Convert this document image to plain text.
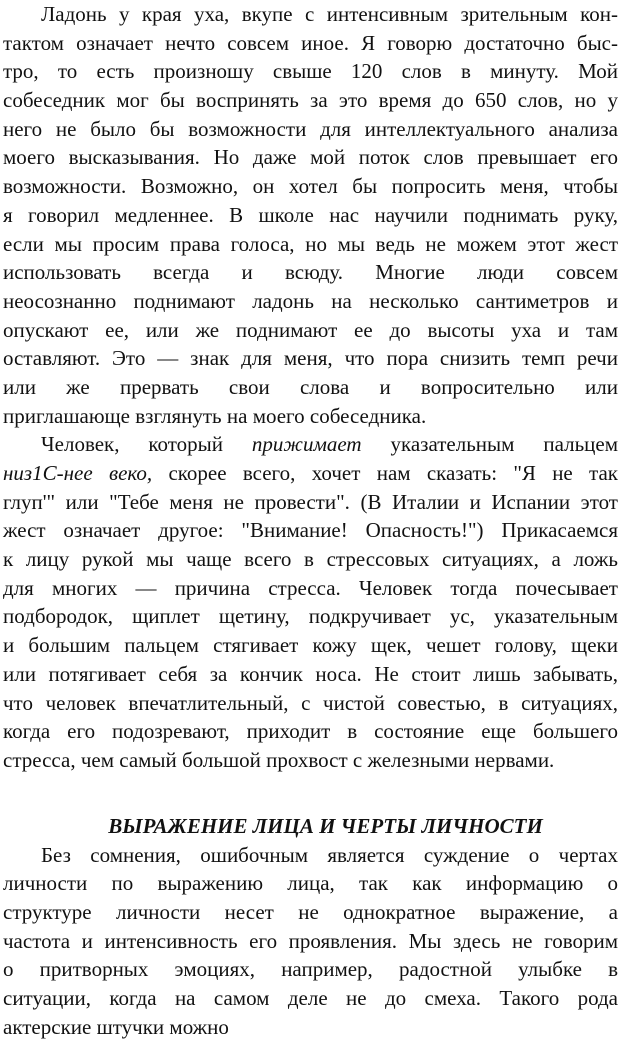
Ладонь у края уха, вкупе с интенсивным зрительным кон-
тактом означает нечто совсем иное. Я говорю достаточно быс-
тро, то есть произношу свыше 120 слов в минуту. Мой
собеседник мог бы воспринять за это время до 650 слов, но у
него не было бы возможности для интеллектуального анализа
моего высказывания. Но даже мой поток слов превышает его
возможности. Возможно, он хотел бы попросить меня, чтобы
я говорил медленнее. В школе нас научили поднимать руку,
если мы просим права голоса, но мы ведь не можем этот жест
использовать всегда и всюду. Многие люди совсем
неосознанно поднимают ладонь на несколько сантиметров и
опускают ее, или же поднимают ее до высоты уха и там
оставляют. Это — знак для меня, что пора снизить темп речи
или же прервать свои слова и вопросительно или
приглашающе взглянуть на моего собеседника.
Человек, который прижимает указательным пальцем
низ1С-нее веко, скорее всего, хочет нам сказать: "Я не так
глуп'" или "Тебе меня не провести". (В Италии и Испании этот
жест означает другое: "Внимание! Опасность!") Прикасаемся
к лицу рукой мы чаще всего в стрессовых ситуациях, а ложь
для многих — причина стресса. Человек тогда почесывает
подбородок, щиплет щетину, подкручивает ус, указательным
и большим пальцем стягивает кожу щек, чешет голову, щеки
или потягивает себя за кончик носа. Не стоит лишь забывать,
что человек впечатлительный, с чистой совестью, в ситуациях,
когда его подозревают, приходит в состояние еще большего
стресса, чем самый большой прохвост с железными нервами.
ВЫРАЖЕНИЕ ЛИЦА И ЧЕРТЫ ЛИЧНОСТИ
Без сомнения, ошибочным является суждение о чертах
личности по выражению лица, так как информацию о
структуре личности несет не однократное выражение, а
частота и интенсивность его проявления. Мы здесь не говорим
о притворных эмоциях, например, радостной улыбке в
ситуации, когда на самом деле не до смеха. Такого рода
актерские штучки можно
